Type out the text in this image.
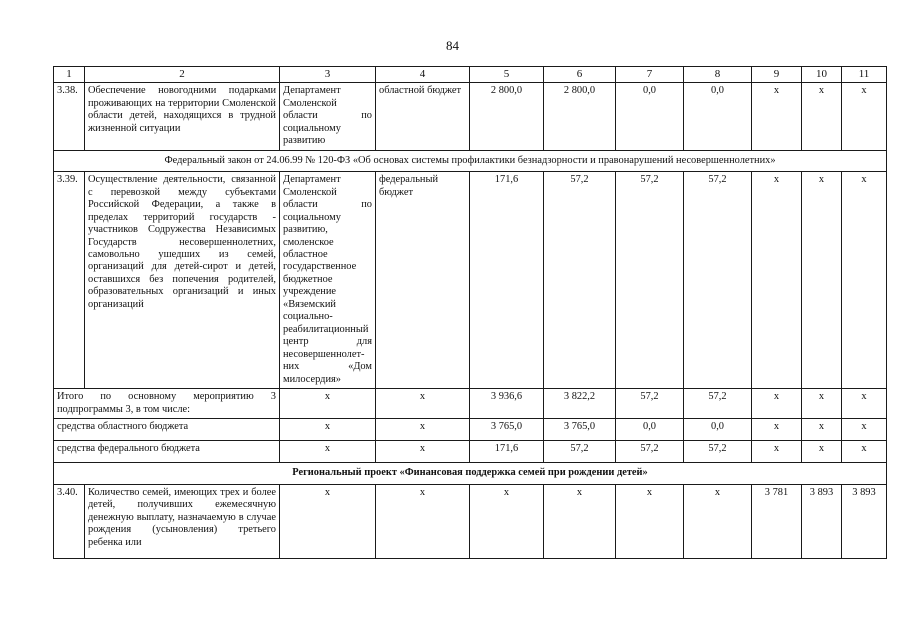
84
1	2	3	4	5	6	7	8	9	10	11
3.38.	Обеспечение новогодними подарками проживающих на территории Смоленской области детей, находящихся в трудной жизненной ситуации	Департамент Смоленской области по социальному развитию	областной бюджет	2 800,0	2 800,0	0,0	0,0	x	x	x
Федеральный закон от 24.06.99 № 120-ФЗ «Об основах системы профилактики безнадзорности и правонарушений несовершеннолетних»										
3.39.	Осуществление деятельности, связанной с перевозкой между субъектами Российской Федерации, а также в пределах территорий государств - участников Содружества Независимых Государств несовершеннолетних, самовольно ушедших из семей, организаций для детей-сирот и детей, оставшихся без попечения родителей, образовательных организаций и иных организаций	Департамент Смоленской области по социальному развитию, смоленское областное государственное бюджетное учреждение «Вяземский социально-реабилитационный центр для несовершеннолет-них «Дом милосердия»	федеральный бюджет	171,6	57,2	57,2	57,2	x	x	x
Итого по основному мероприятию 3 подпрограммы 3, в том числе:		x	x	3 936,6	3 822,2	57,2	57,2	x	x	x
средства областного бюджета		x	x	3 765,0	3 765,0	0,0	0,0	x	x	x
средства федерального бюджета		x	x	171,6	57,2	57,2	57,2	x	x	x
Региональный проект «Финансовая поддержка семей при рождении детей»										
3.40.	Количество семей, имеющих трех и более детей, получивших ежемесячную денежную выплату, назначаемую в случае рождения (усыновления) третьего ребенка или	x	x	x	x	x	x	3 781	3 893	3 893
